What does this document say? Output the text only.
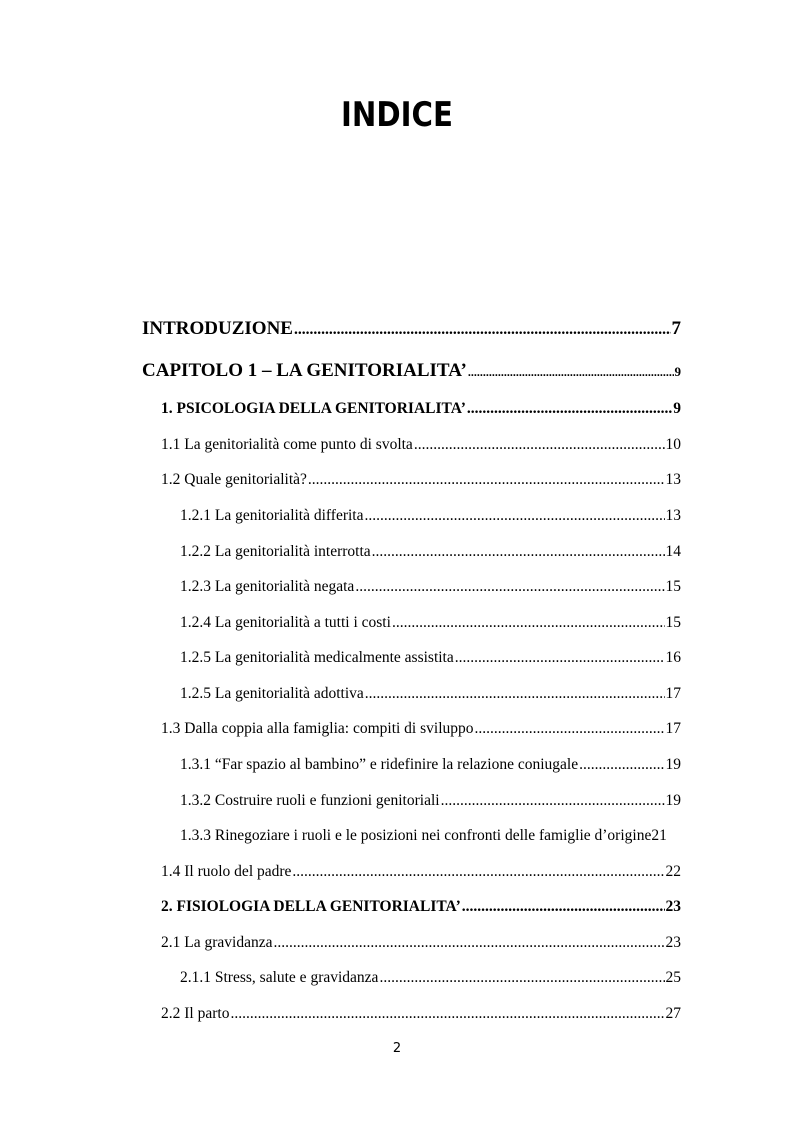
INDICE
INTRODUZIONE .....	7
CAPITOLO 1 – LA GENITORIALITA’ .....	9
1. PSICOLOGIA DELLA GENITORIALITA’ .....	9
1.1 La genitorialità come punto di svolta .....	10
1.2 Quale genitorialità? .....	13
1.2.1 La genitorialità differita .....	13
1.2.2 La genitorialità interrotta .....	14
1.2.3 La genitorialità negata .....	15
1.2.4 La genitorialità a tutti i costi .....	15
1.2.5 La genitorialità medicalmente assistita .....	16
1.2.5 La genitorialità adottiva .....	17
1.3 Dalla coppia alla famiglia: compiti di sviluppo .....	17
1.3.1 “Far spazio al bambino” e ridefinire la relazione coniugale .....	19
1.3.2 Costruire ruoli e funzioni genitoriali .....	19
1.3.3 Rinegoziare i ruoli e le posizioni nei confronti delle famiglie d’origine 21
1.4 Il ruolo del padre .....	22
2. FISIOLOGIA DELLA GENITORIALITA’ .....	23
2.1 La gravidanza .....	23
2.1.1 Stress, salute e gravidanza .....	25
2.2 Il parto .....	27
2
